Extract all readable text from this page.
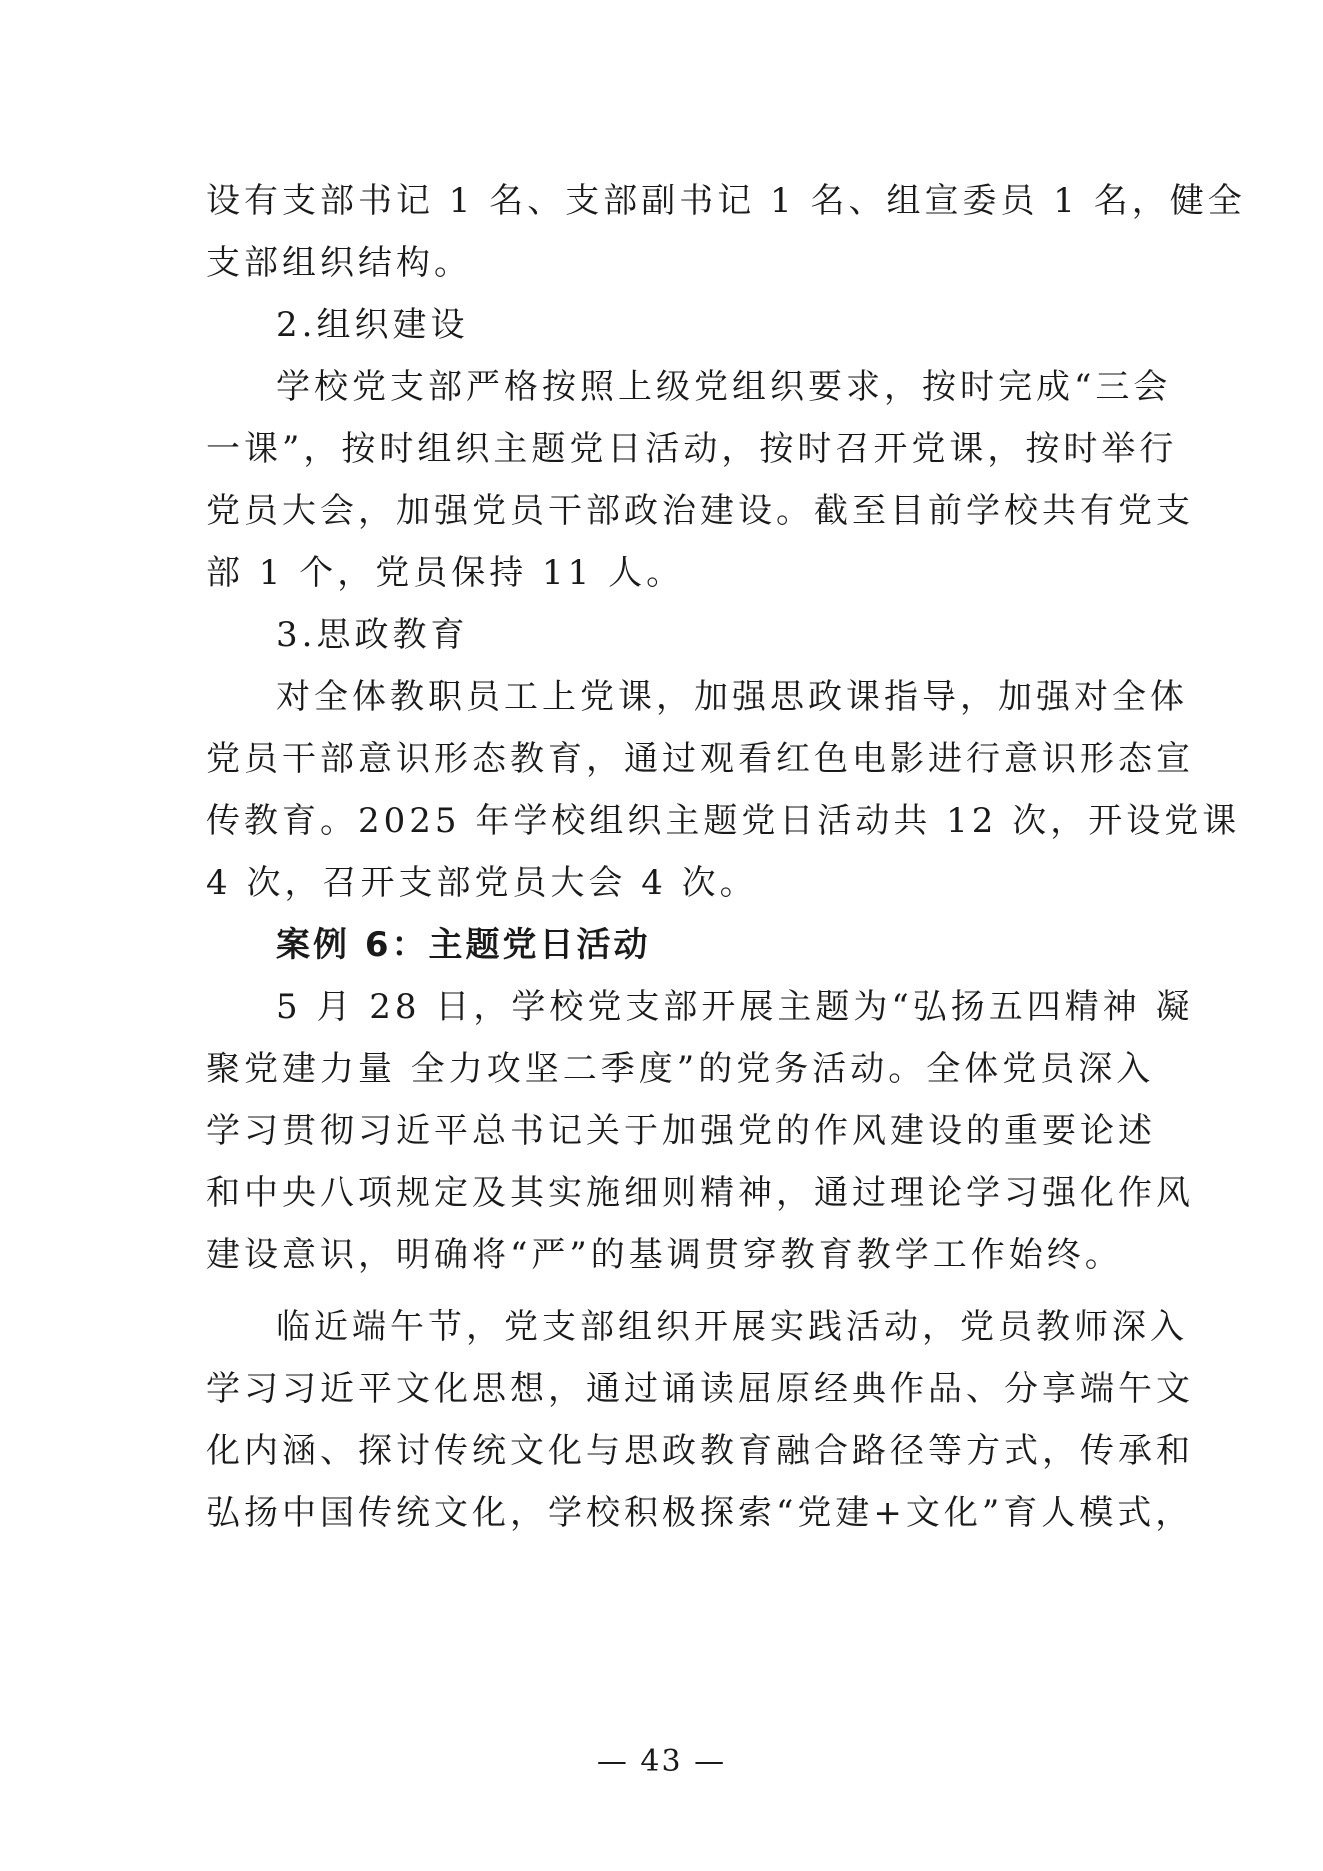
设有支部书记 1 名、支部副书记 1 名、组宣委员 1 名，健全
支部组织结构。
2.组织建设
学校党支部严格按照上级党组织要求，按时完成“三会
一课”，按时组织主题党日活动，按时召开党课，按时举行
党员大会，加强党员干部政治建设。截至目前学校共有党支
部 1 个，党员保持 11 人。
3.思政教育
对全体教职员工上党课，加强思政课指导，加强对全体
党员干部意识形态教育，通过观看红色电影进行意识形态宣
传教育。2025 年学校组织主题党日活动共 12 次，开设党课
4 次，召开支部党员大会 4 次。
案例 6：主题党日活动
5 月 28 日，学校党支部开展主题为“弘扬五四精神 凝
聚党建力量 全力攻坚二季度”的党务活动。全体党员深入
学习贯彻习近平总书记关于加强党的作风建设的重要论述
和中央八项规定及其实施细则精神，通过理论学习强化作风
建设意识，明确将“严”的基调贯穿教育教学工作始终。
临近端午节，党支部组织开展实践活动，党员教师深入
学习习近平文化思想，通过诵读屈原经典作品、分享端午文
化内涵、探讨传统文化与思政教育融合路径等方式，传承和
弘扬中国传统文化，学校积极探索“党建+文化”育人模式，
— 43 —
